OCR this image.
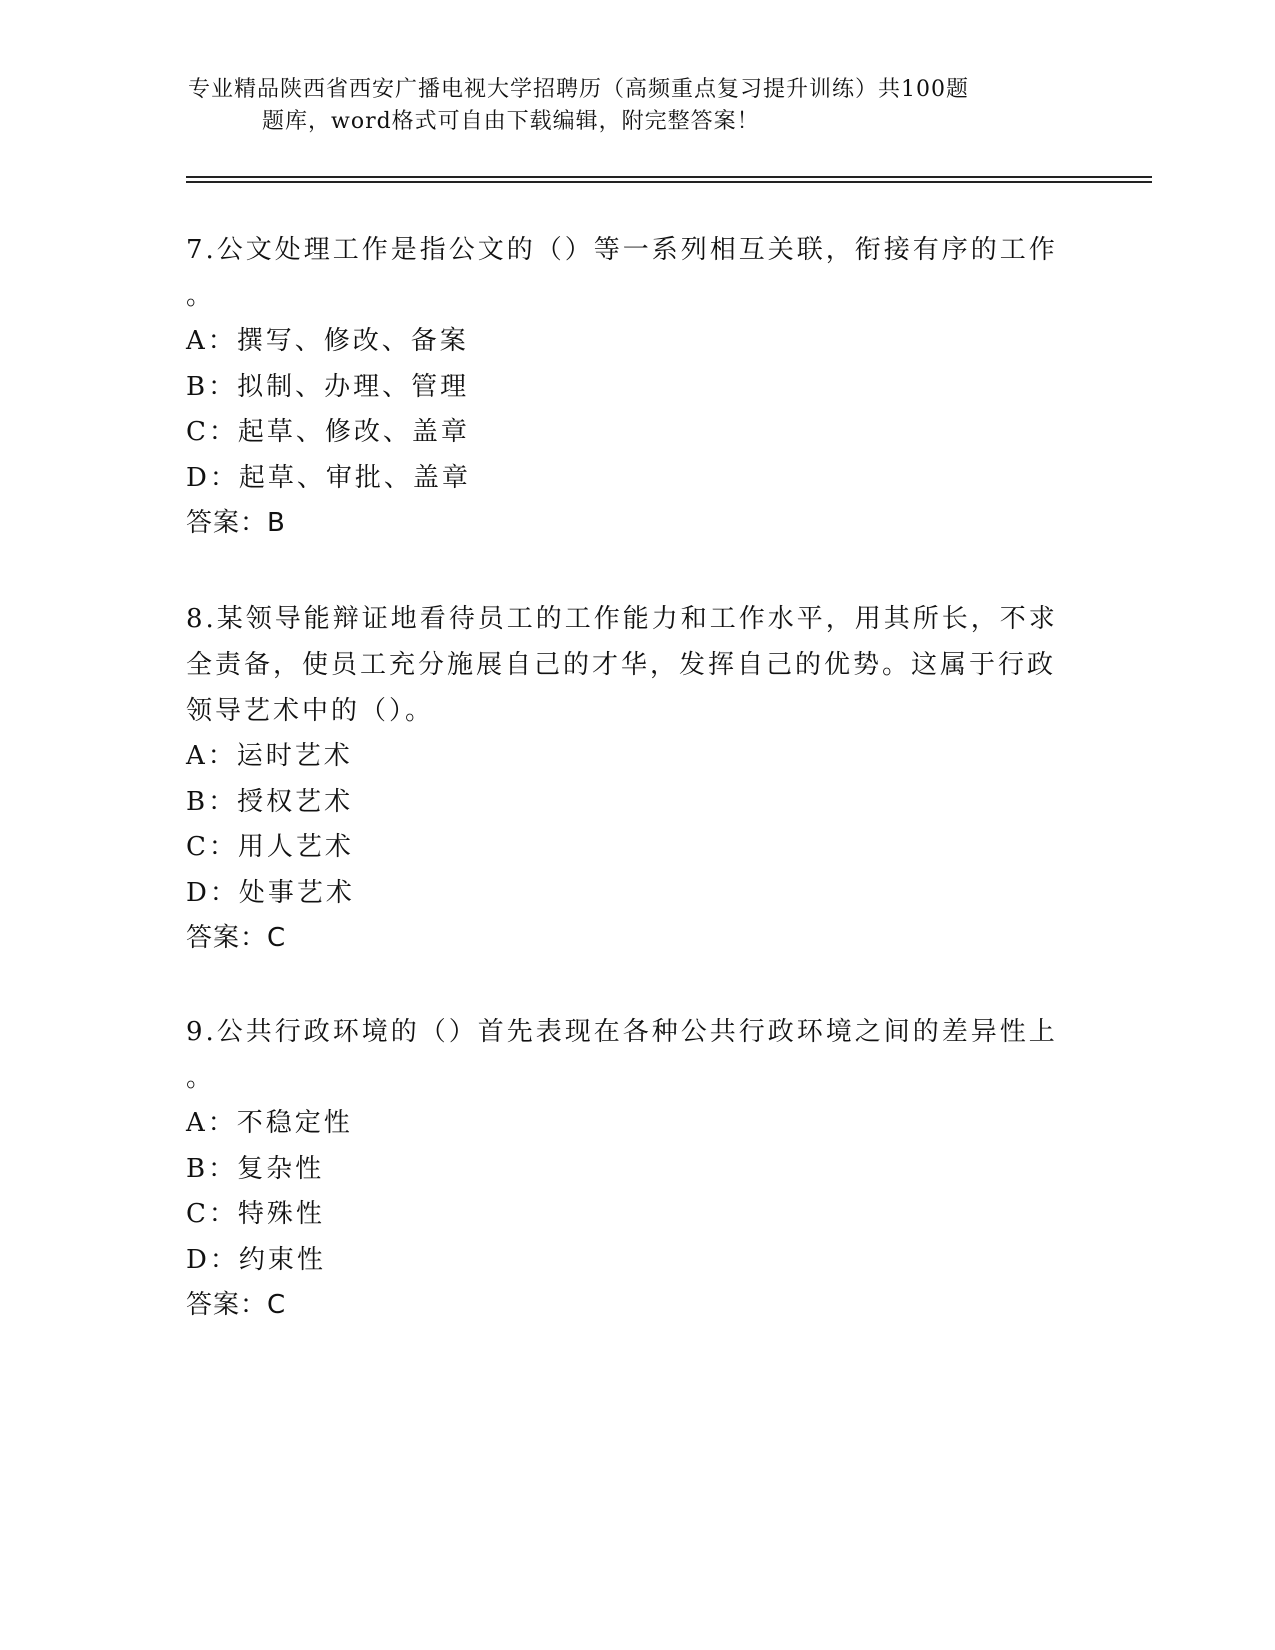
专业精品陕西省西安广播电视大学招聘历（高频重点复习提升训练）共100题
题库，word格式可自由下载编辑，附完整答案！

7.公文处理工作是指公文的（）等一系列相互关联，衔接有序的工作

。

A：撰写、修改、备案

B：拟制、办理、管理

C：起草、修改、盖章

D：起草、审批、盖章

答案：B

8.某领导能辩证地看待员工的工作能力和工作水平，用其所长，不求

全责备，使员工充分施展自己的才华，发挥自己的优势。这属于行政

领导艺术中的（）。

A：运时艺术

B：授权艺术

C：用人艺术

D：处事艺术

答案：C

9.公共行政环境的（）首先表现在各种公共行政环境之间的差异性上

。

A：不稳定性

B：复杂性

C：特殊性

D：约束性

答案：C
